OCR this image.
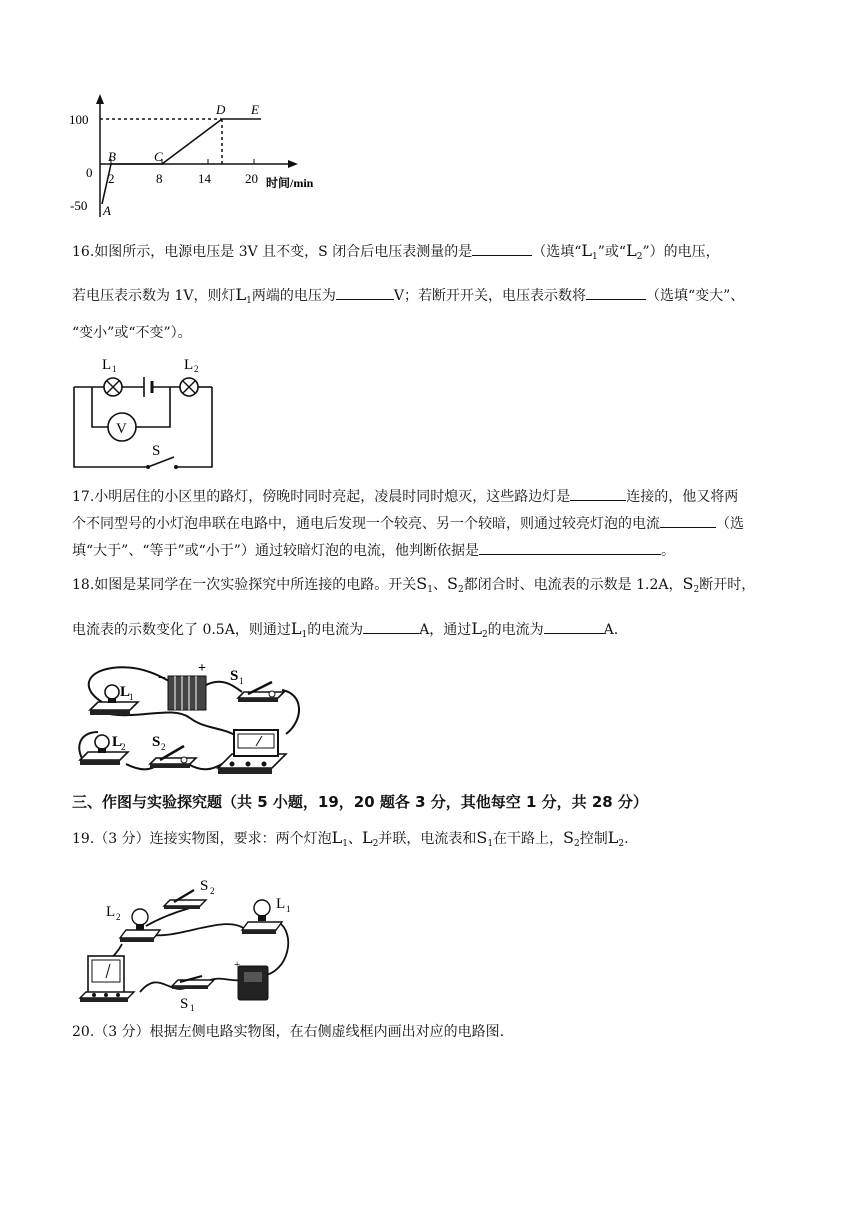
100
0
-50
2	8	14	20 时间/min
A
B	C
D E
16.如图所示，电源电压是 3V 且不变，S 闭合后电压表测量的是	（选填“$L_1$”或“$L_2$”）的电压，
若电压表示数为 1V，则灯$L_1$两端的电压为	V；若断开开关，电压表示数将	（选填“变大”、
“变小”或“不变”）。
V
S
L 1	L 2
17.小明居住的小区里的路灯，傍晚时同时亮起，凌晨时同时熄灭，这些路边灯是	连接的，他又将两
个不同型号的小灯泡串联在电路中，通电后发现一个较亮、另一个较暗，则通过较亮灯泡的电流	（选
填“大于”、“等于”或“小于”）通过较暗灯泡的电流，他判断依据是	。
18.如图是某同学在一次实验探究中所连接的电路。开关$S_1$、$S_2$都闭合时、电流表的示数是 1.2A，$S_2$断开时，
电流表的示数变化了 0.5A，则通过$L_1$的电流为	A，通过$L_2$的电流为	A.
L
1
−
+ S 1
L
2 S 2
三、作图与实验探究题（共 5 小题，19，20 题各 3 分，其他每空 1 分，共 28 分）
19.（3 分）连接实物图，要求：两个灯泡$L_1$、$L_2$并联，电流表和$S_1$在干路上，$S_2$控制$L_2$.
L 2
S 2
L 1
S 1
+
20.（3 分）根据左侧电路实物图，在右侧虚线框内画出对应的电路图.
